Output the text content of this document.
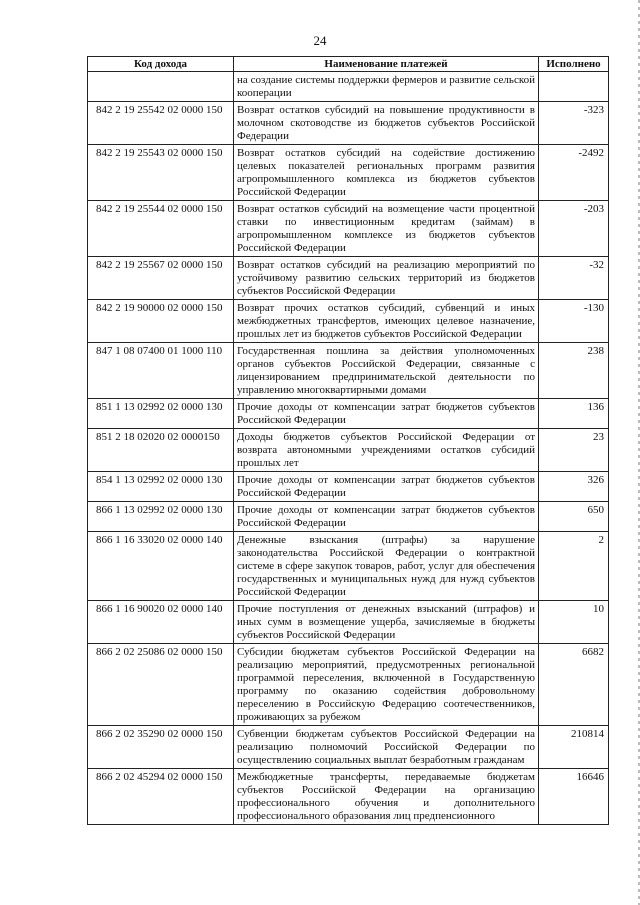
24
Код дохода	Наименование платежей	Исполнено
	на создание системы поддержки фермеров и развитие сельской кооперации	
842 2 19 25542 02 0000 150	Возврат остатков субсидий на повышение продуктивности в молочном скотоводстве из бюджетов субъектов Российской Федерации	-323
842 2 19 25543 02 0000 150	Возврат остатков субсидий на содействие достижению целевых показателей региональных программ развития агропромышленного комплекса из бюджетов субъектов Российской Федерации	-2492
842 2 19 25544 02 0000 150	Возврат остатков субсидий на возмещение части процентной ставки по инвестиционным кредитам (займам) в агропромышленном комплексе из бюджетов субъектов Российской Федерации	-203
842 2 19 25567 02 0000 150	Возврат остатков субсидий на реализацию мероприятий по устойчивому развитию сельских территорий из бюджетов субъектов Российской Федерации	-32
842 2 19 90000 02 0000 150	Возврат прочих остатков субсидий, субвенций и иных межбюджетных трансфертов, имеющих целевое назначение, прошлых лет из бюджетов субъектов Российской Федерации	-130
847 1 08 07400 01 1000 110	Государственная пошлина за действия уполномоченных органов субъектов Российской Федерации, связанные с лицензированием предпринимательской деятельности по управлению многоквартирными домами	238
851 1 13 02992 02 0000 130	Прочие доходы от компенсации затрат бюджетов субъектов Российской Федерации	136
851 2 18 02020 02 0000150	Доходы бюджетов субъектов Российской Федерации от возврата автономными учреждениями остатков субсидий прошлых лет	23
854 1 13 02992 02 0000 130	Прочие доходы от компенсации затрат бюджетов субъектов Российской Федерации	326
866 1 13 02992 02 0000 130	Прочие доходы от компенсации затрат бюджетов субъектов Российской Федерации	650
866 1 16 33020 02 0000 140	Денежные взыскания (штрафы) за нарушение законодательства Российской Федерации о контрактной системе в сфере закупок товаров, работ, услуг для обеспечения государственных и муниципальных нужд для нужд субъектов Российской Федерации	2
866 1 16 90020 02 0000 140	Прочие поступления от денежных взысканий (штрафов) и иных сумм в возмещение ущерба, зачисляемые в бюджеты субъектов Российской Федерации	10
866 2 02 25086 02 0000 150	Субсидии бюджетам субъектов Российской Федерации на реализацию мероприятий, предусмотренных региональной программой переселения, включенной в Государственную программу по оказанию содействия добровольному переселению в Российскую Федерацию соотечественников, проживающих за рубежом	6682
866 2 02 35290 02 0000 150	Субвенции бюджетам субъектов Российской Федерации на реализацию полномочий Российской Федерации по осуществлению социальных выплат безработным гражданам	210814
866 2 02 45294 02 0000 150	Межбюджетные трансферты, передаваемые бюджетам субъектов Российской Федерации на организацию профессионального обучения и дополнительного профессионального образования лиц предпенсионного	16646
